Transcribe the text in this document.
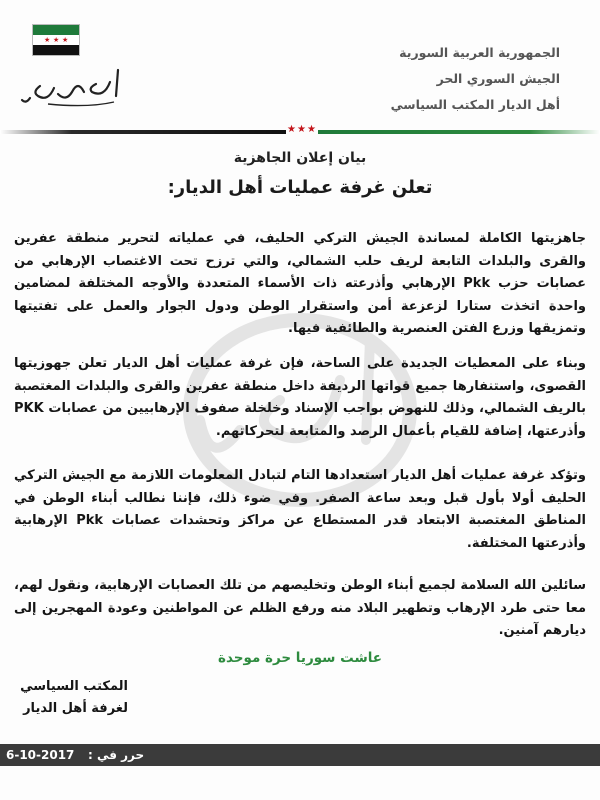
★ ★ ★
الجمهورية العربية السورية
الجيش السوري الحر
أهل الديار المكتب السياسي
★★★
بيان إعلان الجاهزية
تعلن غرفة عمليات أهل الديار:
جاهزيتها الكاملة لمساندة الجيش التركي الحليف، في عملياته لتحرير منطقة عفرين والقرى والبلدات التابعة لريف حلب الشمالي، والتي ترزح تحت الاغتصاب الإرهابي من عصابات حزب Pkk الإرهابي وأذرعته ذات الأسماء المتعددة والأوجه المختلفة لمضامين واحدة اتخذت ستارا لزعزعة أمن واستقرار الوطن ودول الجوار والعمل على تفتيتها وتمزيقها وزرع الفتن العنصرية والطائفية فيها.
وبناء على المعطيات الجديدة على الساحة، فإن غرفة عمليات أهل الديار تعلن جهوزيتها القصوى، واستنفارها جميع قواتها الرديفة داخل منطقة عفرين والقرى والبلدات المغتصبة بالريف الشمالي، وذلك للنهوض بواجب الإسناد وخلخلة صفوف الإرهابيين من عصابات PKK وأذرعتها، إضافة للقيام بأعمال الرصد والمتابعة لتحركاتهم.
وتؤكد غرفة عمليات أهل الديار استعدادها التام لتبادل المعلومات اللازمة مع الجيش التركي الحليف أولا بأول قبل وبعد ساعة الصفر. وفي ضوء ذلك، فإننا نطالب أبناء الوطن في المناطق المغتصبة الابتعاد قدر المستطاع عن مراكز وتحشدات عصابات Pkk الإرهابية وأذرعتها المختلفة.
سائلين الله السلامة لجميع أبناء الوطن وتخليصهم من تلك العصابات الإرهابية، ونقول لهم، معا حتى طرد الإرهاب وتطهير البلاد منه ورفع الظلم عن المواطنين وعودة المهجرين إلى ديارهم آمنين.
عاشت سوريا حرة موحدة
المكتب السياسي
لغرفة أهل الديار
6-10-2017 حرر في :
